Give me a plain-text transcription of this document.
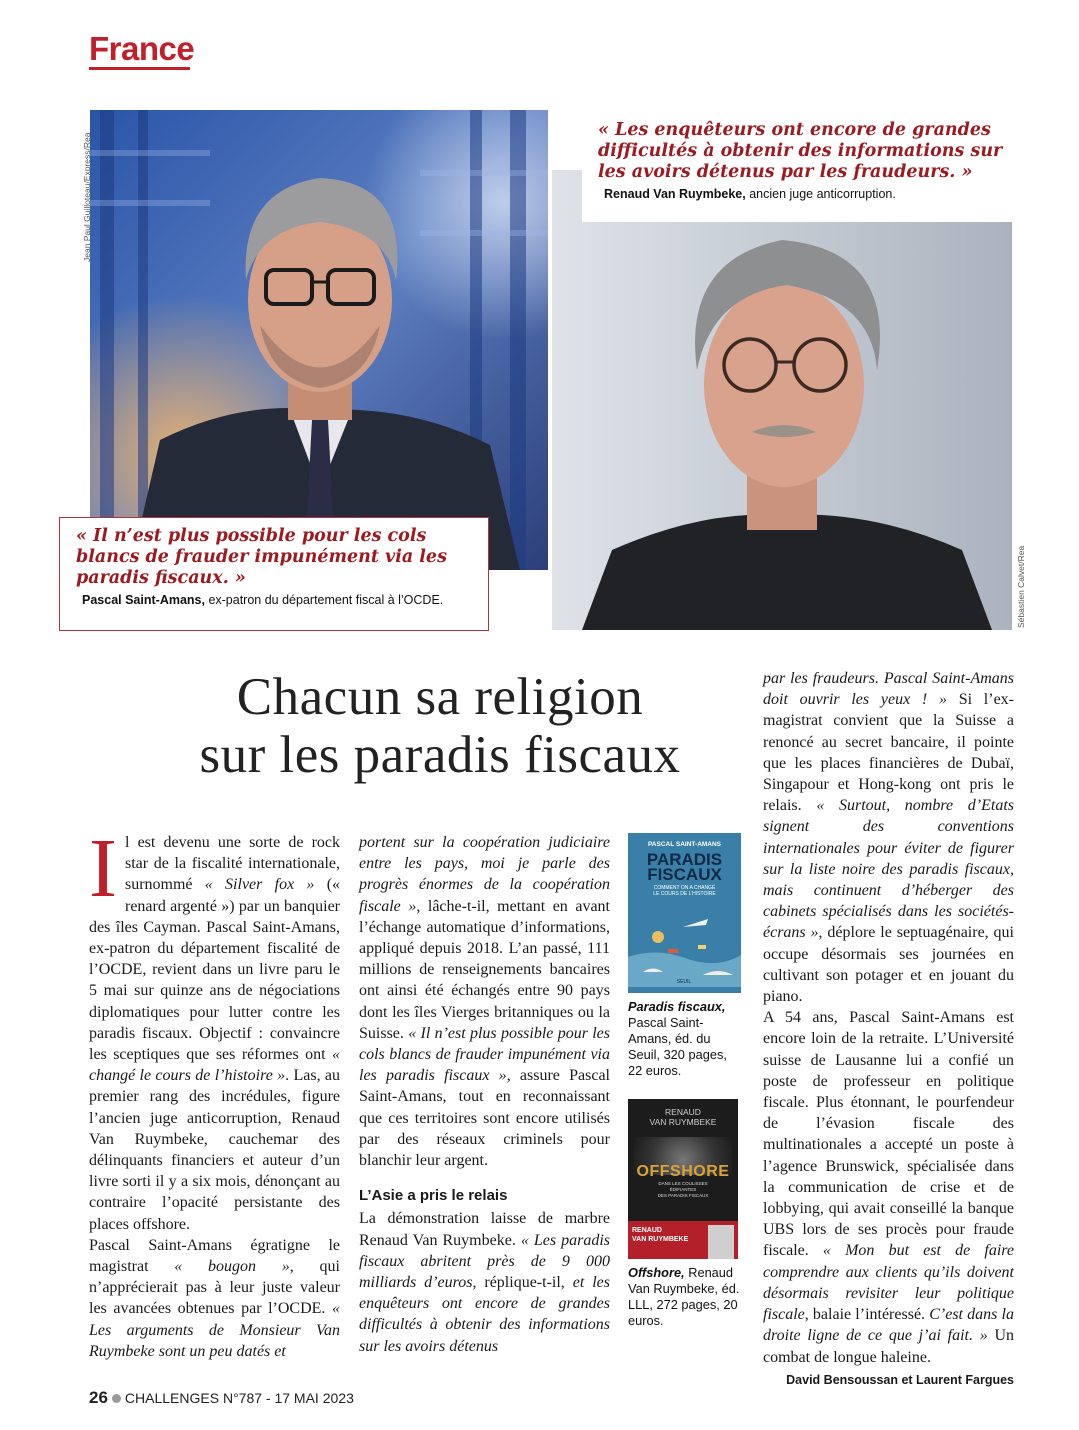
France
Jean Paul Guilloteau/Express/Rea
Sébastien Calvet/Rea
« Les enquêteurs ont encore de grandes difficultés à obtenir des informations sur les avoirs détenus par les fraudeurs. »
Renaud Van Ruymbeke, ancien juge anticorruption.
« Il n’est plus possible pour les cols blancs de frauder impunément via les paradis fiscaux. »
Pascal Saint-Amans, ex-patron du département fiscal à l’OCDE.
Chacun sa religion
sur les paradis fiscaux

Il est devenu une sorte de rock star de la fiscalité internationale, surnommé « Silver fox » (« renard argenté ») par un banquier des îles Cayman. Pascal Saint-Amans, ex-patron du département fiscalité de l’OCDE, revient dans un livre paru le 5 mai sur quinze ans de négociations diplomatiques pour lutter contre les paradis fiscaux. Objectif : convaincre les sceptiques que ses réformes ont « changé le cours de l’histoire ». Las, au premier rang des incrédules, figure l’ancien juge anticorruption, Renaud Van Ruymbeke, cauchemar des délinquants financiers et auteur d’un livre sorti il y a six mois, dénonçant au contraire l’opacité persistante des places offshore.

Pascal Saint-Amans égratigne le magistrat « bougon », qui n’apprécierait pas à leur juste valeur les avancées obtenues par l’OCDE. « Les arguments de Monsieur Van Ruymbeke sont un peu datés et

portent sur la coopération judiciaire entre les pays, moi je parle des progrès énormes de la coopération fiscale », lâche-t-il, mettant en avant l’échange automatique d’informations, appliqué depuis 2018. L’an passé, 111 millions de renseignements bancaires ont ainsi été échangés entre 90 pays dont les îles Vierges britanniques ou la Suisse. « Il n’est plus possible pour les cols blancs de frauder impunément via les paradis fiscaux », assure Pascal Saint-Amans, tout en reconnaissant que ces territoires sont encore utilisés par des réseaux criminels pour blanchir leur argent.

L’Asie a pris le relais

La démonstration laisse de marbre Renaud Van Ruymbeke. « Les paradis fiscaux abritent près de 9 000 milliards d’euros, réplique-t-il, et les enquêteurs ont encore de grandes difficultés à obtenir des informations sur les avoirs détenus

PASCAL SAINT-AMANS
PARADIS
FISCAUX
COMMENT ON A CHANGÉ
LE COURS DE L’HISTOIRE
SEUIL
Paradis fiscaux, Pascal Saint-Amans, éd. du Seuil, 320 pages, 22 euros.
RENAUD
VAN RUYMBEKE
OFFSHORE
DANS LES COULISSES
ÉDIFIANTES
DES PARADIS FISCAUX
RENAUD
VAN RUYMBEKE
Offshore, Renaud Van Ruymbeke, éd. LLL, 272 pages, 20 euros.

par les fraudeurs. Pascal Saint-Amans doit ouvrir les yeux ! » Si l’ex-magistrat convient que la Suisse a renoncé au secret bancaire, il pointe que les places financières de Dubaï, Singapour et Hong-kong ont pris le relais. « Surtout, nombre d’Etats signent des conventions internationales pour éviter de figurer sur la liste noire des paradis fiscaux, mais continuent d’héberger des cabinets spécialisés dans les sociétés-écrans », déplore le septuagénaire, qui occupe désormais ses journées en cultivant son potager et en jouant du piano.

A 54 ans, Pascal Saint-Amans est encore loin de la retraite. L’Université suisse de Lausanne lui a confié un poste de professeur en politique fiscale. Plus étonnant, le pourfendeur de l’évasion fiscale des multinationales a accepté un poste à l’agence Brunswick, spécialisée dans la communication de crise et de lobbying, qui avait conseillé la banque UBS lors de ses procès pour fraude fiscale. « Mon but est de faire comprendre aux clients qu’ils doivent désormais revisiter leur politique fiscale, balaie l’intéressé. C’est dans la droite ligne de ce que j’ai fait. » Un combat de longue haleine.

David Bensoussan et Laurent Fargues
26 CHALLENGES N°787 - 17 MAI 2023
